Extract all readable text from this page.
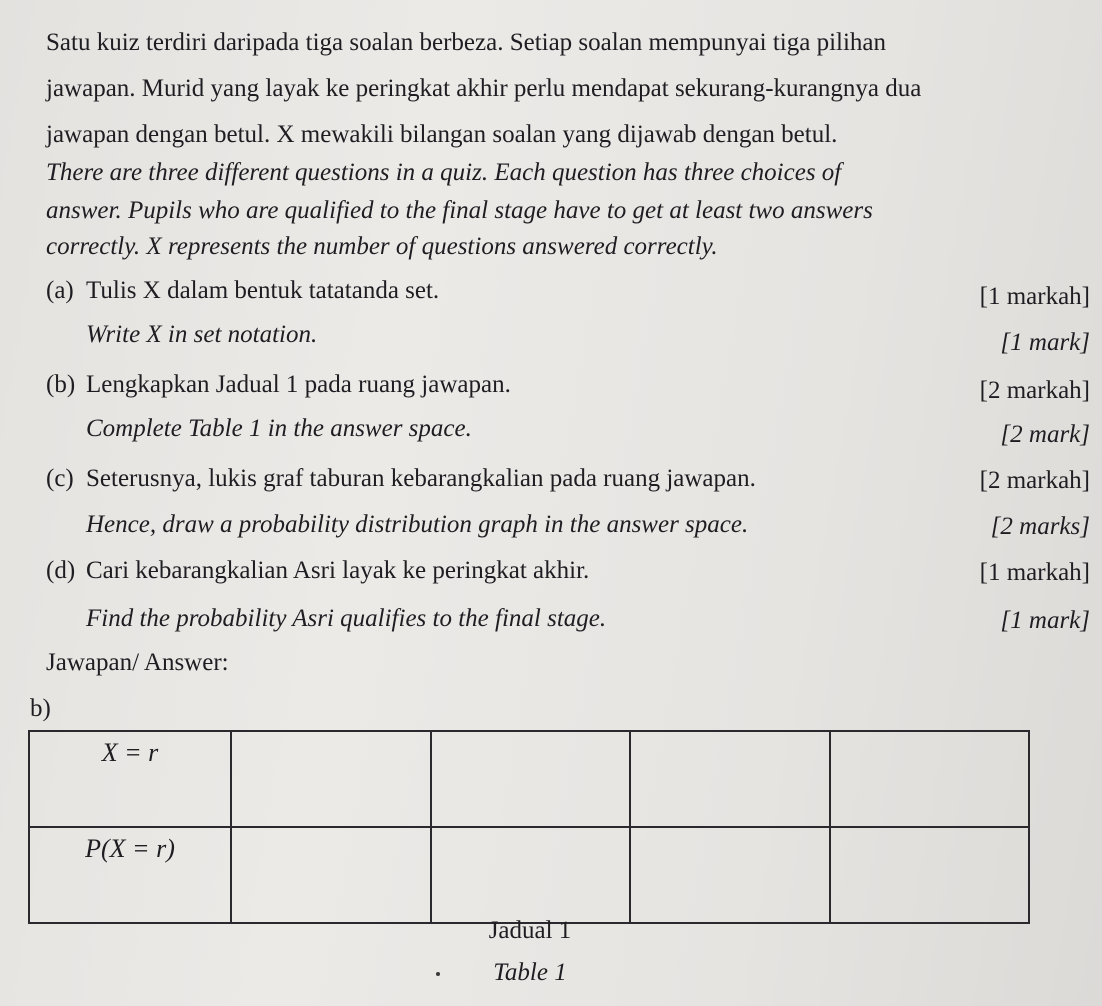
Satu kuiz terdiri daripada tiga soalan berbeza. Setiap soalan mempunyai tiga pilihan
jawapan. Murid yang layak ke peringkat akhir perlu mendapat sekurang-kurangnya dua
jawapan dengan betul. X mewakili bilangan soalan yang dijawab dengan betul.
There are three different questions in a quiz. Each question has three choices of
answer. Pupils who are qualified to the final stage have to get at least two answers
correctly. X represents the number of questions answered correctly.
(a) Tulis X dalam bentuk tatatanda set.	[1 markah]
Write X in set notation.	[1 mark]
(b) Lengkapkan Jadual 1 pada ruang jawapan.	[2 markah]
Complete Table 1 in the answer space.	[2 mark]
(c) Seterusnya, lukis graf taburan kebarangkalian pada ruang jawapan.	[2 markah]
Hence, draw a probability distribution graph in the answer space.	[2 marks]
(d) Cari kebarangkalian Asri layak ke peringkat akhir.	[1 markah]
Find the probability Asri qualifies to the final stage.	[1 mark]
Jawapan/ Answer:
b)
X = r				
P(X = r)				
Jadual 1
Table 1
